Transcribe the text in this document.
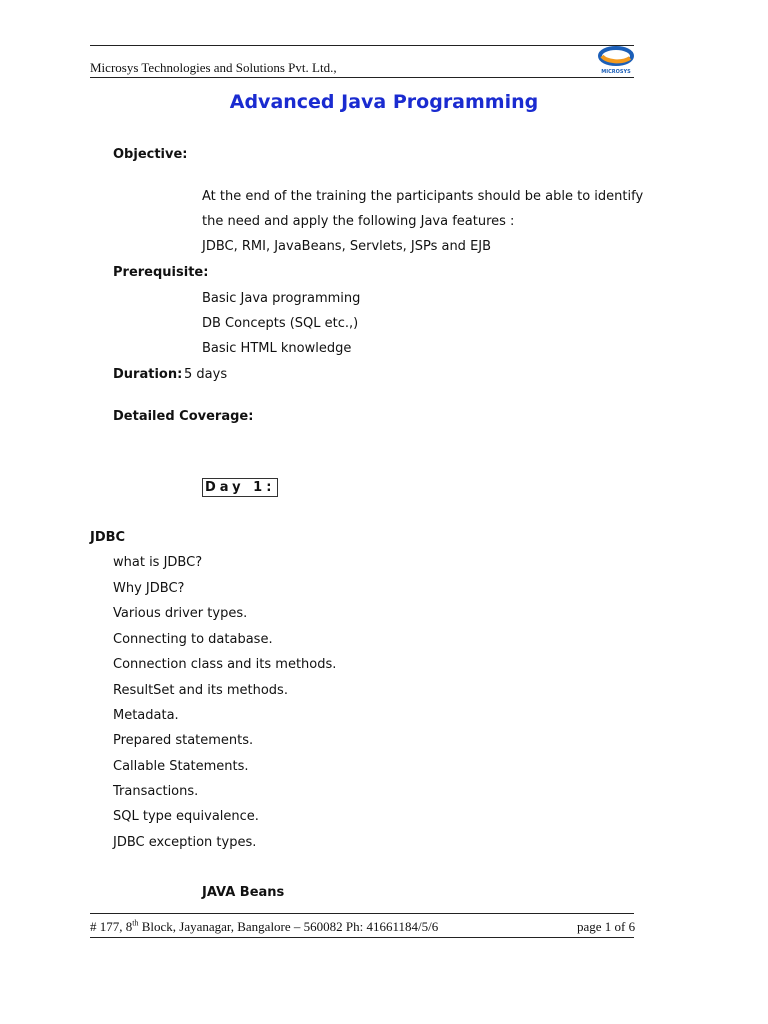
Microsys Technologies and Solutions Pvt. Ltd.,	MICROSYS
Advanced Java Programming
Objective:
At the end of the training the participants should be able to identify
the need and apply the following Java features :
JDBC, RMI, JavaBeans, Servlets, JSPs and EJB
Prerequisite:
Basic Java programming
DB Concepts (SQL etc.,)
Basic HTML knowledge
Duration: 5 days
Detailed Coverage:
Day 1:
JDBC
what is JDBC?
Why JDBC?
Various driver types.
Connecting to database.
Connection class and its methods.
ResultSet and its methods.
Metadata.
Prepared statements.
Callable Statements.
Transactions.
SQL type equivalence.
JDBC exception types.
JAVA Beans
# 177, 8th Block, Jayanagar, Bangalore – 560082 Ph: 41661184/5/6	page 1 of 6
